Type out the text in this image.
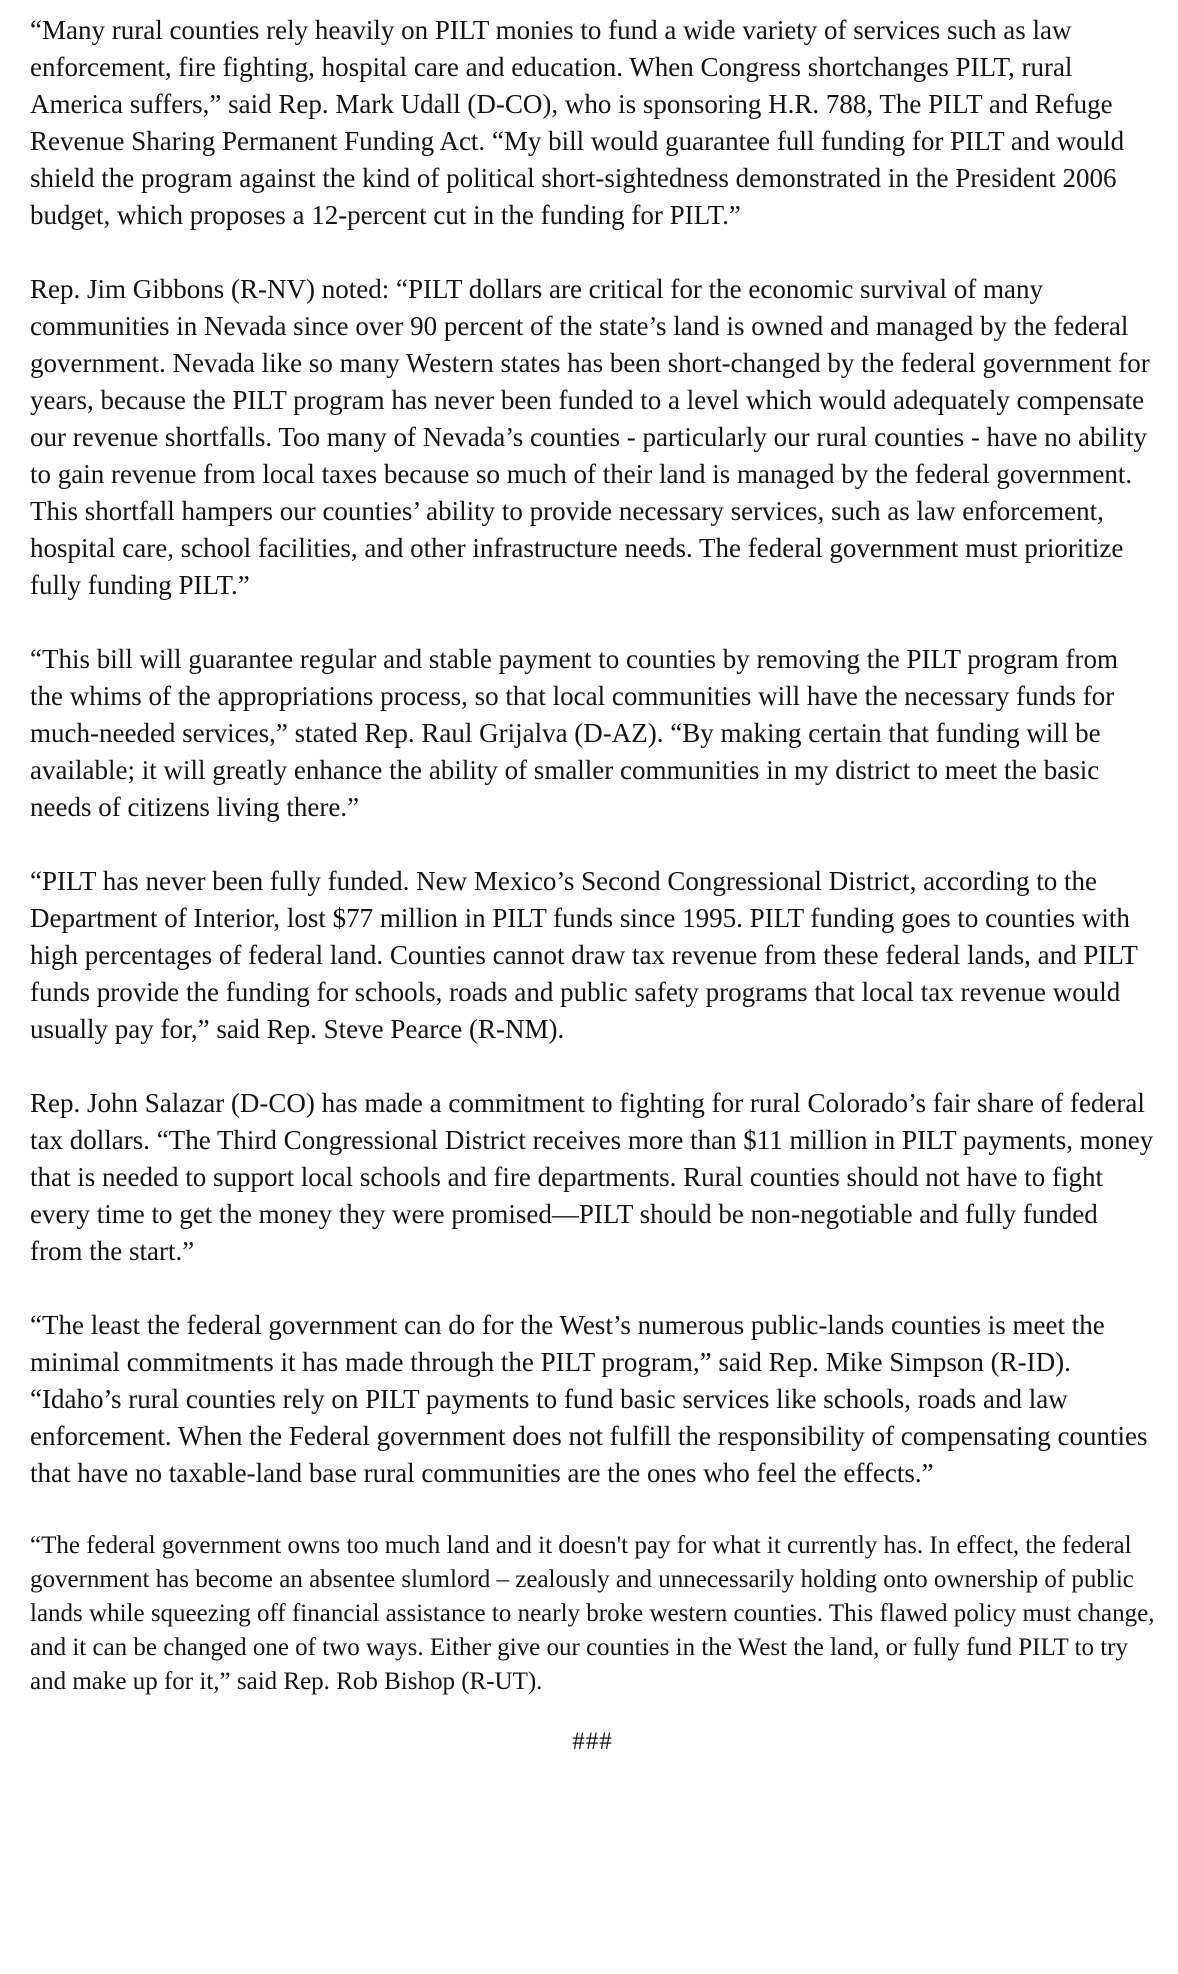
“Many rural counties rely heavily on PILT monies to fund a wide variety of services such as law enforcement, fire fighting, hospital care and education. When Congress shortchanges PILT, rural America suffers,” said Rep. Mark Udall (D-CO), who is sponsoring H.R. 788, The PILT and Refuge Revenue Sharing Permanent Funding Act. “My bill would guarantee full funding for PILT and would shield the program against the kind of political short-sightedness demonstrated in the President 2006 budget, which proposes a 12-percent cut in the funding for PILT.”

Rep. Jim Gibbons (R-NV) noted: “PILT dollars are critical for the economic survival of many communities in Nevada since over 90 percent of the state’s land is owned and managed by the federal government. Nevada like so many Western states has been short-changed by the federal government for years, because the PILT program has never been funded to a level which would adequately compensate our revenue shortfalls. Too many of Nevada’s counties - particularly our rural counties - have no ability to gain revenue from local taxes because so much of their land is managed by the federal government. This shortfall hampers our counties’ ability to provide necessary services, such as law enforcement, hospital care, school facilities, and other infrastructure needs. The federal government must prioritize fully funding PILT.”

“This bill will guarantee regular and stable payment to counties by removing the PILT program from the whims of the appropriations process, so that local communities will have the necessary funds for much-needed services,” stated Rep. Raul Grijalva (D-AZ). “By making certain that funding will be available; it will greatly enhance the ability of smaller communities in my district to meet the basic needs of citizens living there.”

“PILT has never been fully funded. New Mexico’s Second Congressional District, according to the Department of Interior, lost $77 million in PILT funds since 1995. PILT funding goes to counties with high percentages of federal land. Counties cannot draw tax revenue from these federal lands, and PILT funds provide the funding for schools, roads and public safety programs that local tax revenue would usually pay for,” said Rep. Steve Pearce (R-NM).

Rep. John Salazar (D-CO) has made a commitment to fighting for rural Colorado’s fair share of federal tax dollars. “The Third Congressional District receives more than $11 million in PILT payments, money that is needed to support local schools and fire departments. Rural counties should not have to fight every time to get the money they were promised—PILT should be non-negotiable and fully funded from the start.”

“The least the federal government can do for the West’s numerous public-lands counties is meet the minimal commitments it has made through the PILT program,” said Rep. Mike Simpson (R-ID). “Idaho’s rural counties rely on PILT payments to fund basic services like schools, roads and law enforcement. When the Federal government does not fulfill the responsibility of compensating counties that have no taxable-land base rural communities are the ones who feel the effects.”

“The federal government owns too much land and it doesn't pay for what it currently has. In effect, the federal government has become an absentee slumlord – zealously and unnecessarily holding onto ownership of public lands while squeezing off financial assistance to nearly broke western counties. This flawed policy must change, and it can be changed one of two ways. Either give our counties in the West the land, or fully fund PILT to try and make up for it,” said Rep. Rob Bishop (R-UT).

###
